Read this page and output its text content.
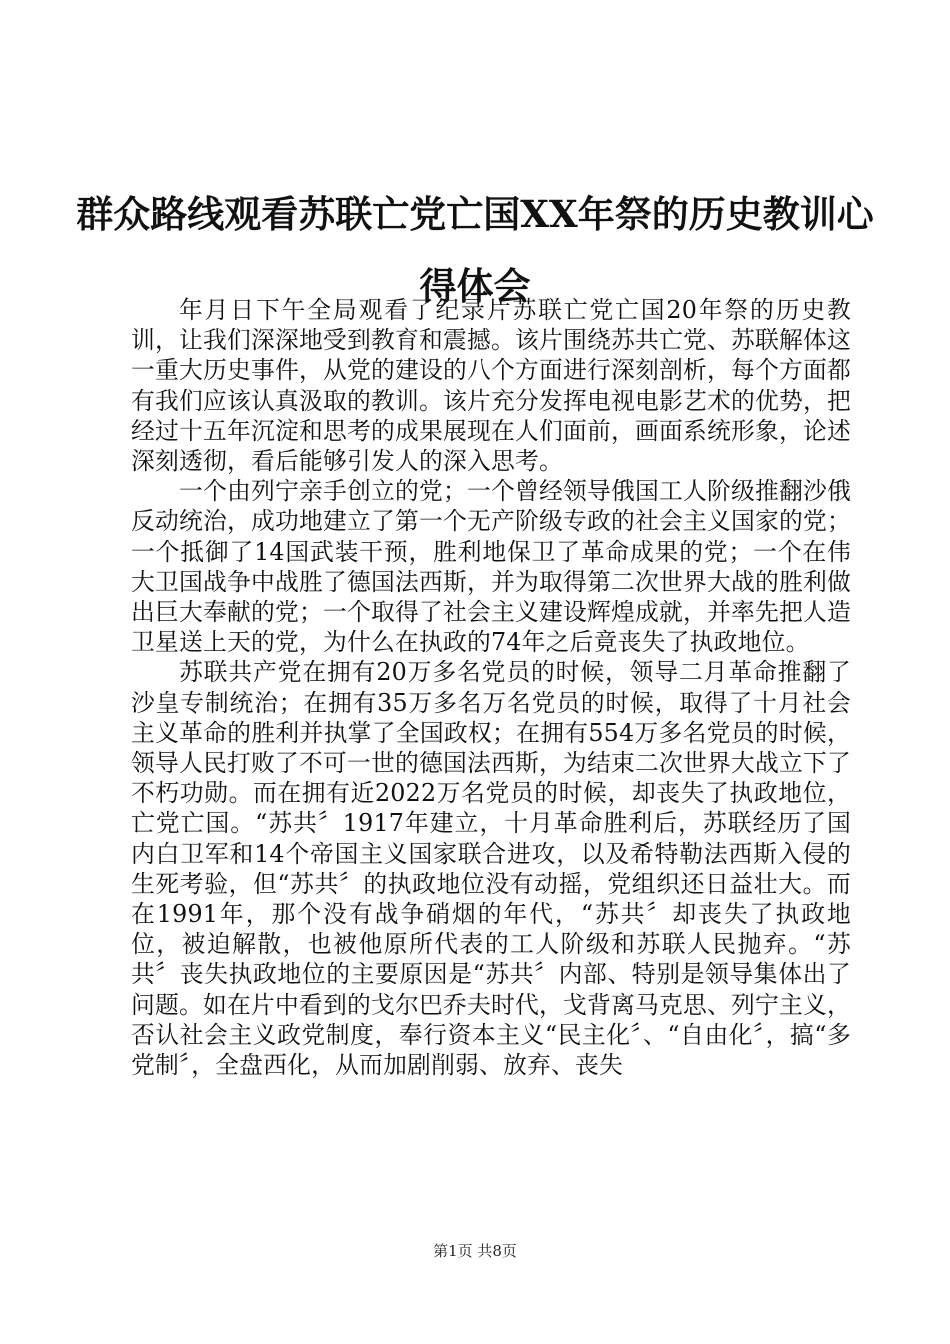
群众路线观看苏联亡党亡国XX年祭的历史教训心得体会

年月日下午全局观看了纪录片苏联亡党亡国20年祭的历史教训，让我们深深地受到教育和震撼。该片围绕苏共亡党、苏联解体这一重大历史事件，从党的建设的八个方面进行深刻剖析，每个方面都有我们应该认真汲取的教训。该片充分发挥电视电影艺术的优势，把经过十五年沉淀和思考的成果展现在人们面前，画面系统形象，论述深刻透彻，看后能够引发人的深入思考。

一个由列宁亲手创立的党；一个曾经领导俄国工人阶级推翻沙俄反动统治，成功地建立了第一个无产阶级专政的社会主义国家的党；一个抵御了14国武装干预，胜利地保卫了革命成果的党；一个在伟大卫国战争中战胜了德国法西斯，并为取得第二次世界大战的胜利做出巨大奉献的党；一个取得了社会主义建设辉煌成就，并率先把人造卫星送上天的党，为什么在执政的74年之后竟丧失了执政地位。

苏联共产党在拥有20万多名党员的时候，领导二月革命推翻了沙皇专制统治；在拥有35万多名万名党员的时候，取得了十月社会主义革命的胜利并执掌了全国政权；在拥有554万多名党员的时候，领导人民打败了不可一世的德国法西斯，为结束二次世界大战立下了不朽功勋。而在拥有近2022万名党员的时候，却丧失了执政地位，亡党亡国。“苏共〞1917年建立，十月革命胜利后，苏联经历了国内白卫军和14个帝国主义国家联合进攻，以及希特勒法西斯入侵的生死考验，但“苏共〞的执政地位没有动摇，党组织还日益壮大。而在1991年，那个没有战争硝烟的年代，“苏共〞却丧失了执政地位，被迫解散，也被他原所代表的工人阶级和苏联人民抛弃。“苏共〞丧失执政地位的主要原因是“苏共〞内部、特别是领导集体出了问题。如在片中看到的戈尔巴乔夫时代，戈背离马克思、列宁主义，否认社会主义政党制度，奉行资本主义“民主化〞、“自由化〞，搞“多党制〞，全盘西化，从而加剧削弱、放弃、丧失

第1页 共8页
